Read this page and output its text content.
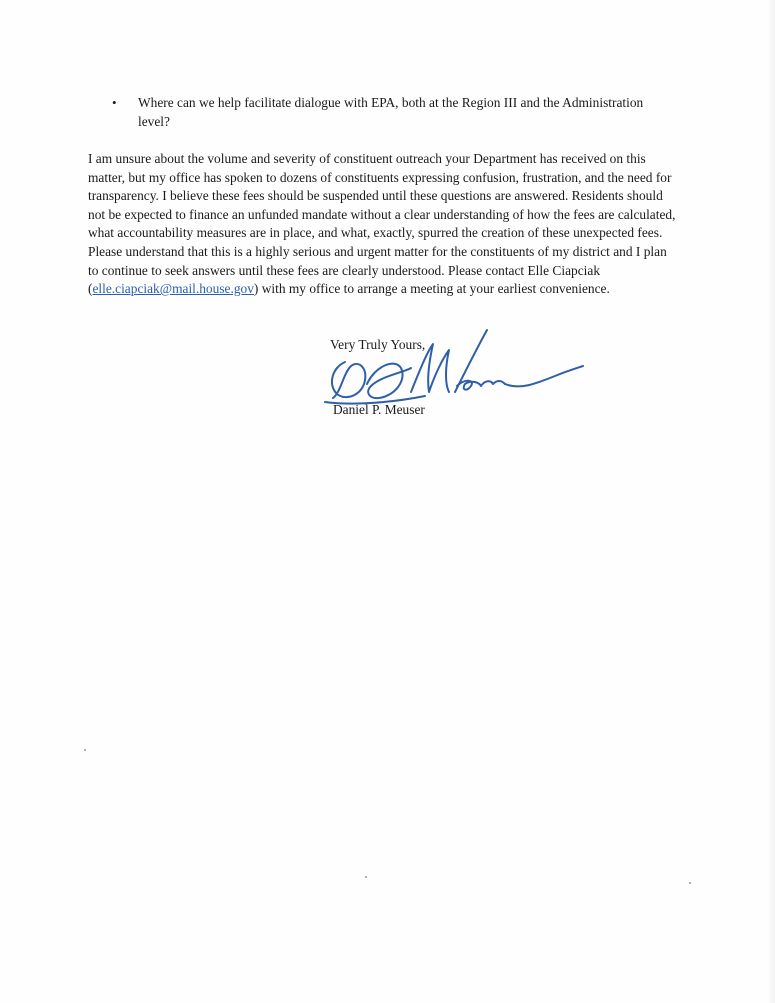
• Where can we help facilitate dialogue with EPA, both at the Region III and the Administration level?

I am unsure about the volume and severity of constituent outreach your Department has received on this matter, but my office has spoken to dozens of constituents expressing confusion, frustration, and the need for transparency. I believe these fees should be suspended until these questions are answered. Residents should not be expected to finance an unfunded mandate without a clear understanding of how the fees are calculated, what accountability measures are in place, and what, exactly, spurred the creation of these unexpected fees. Please understand that this is a highly serious and urgent matter for the constituents of my district and I plan to continue to seek answers until these fees are clearly understood. Please contact Elle Ciapciak (elle.ciapciak@mail.house.gov) with my office to arrange a meeting at your earliest convenience.

Very Truly Yours,

Daniel P. Meuser
